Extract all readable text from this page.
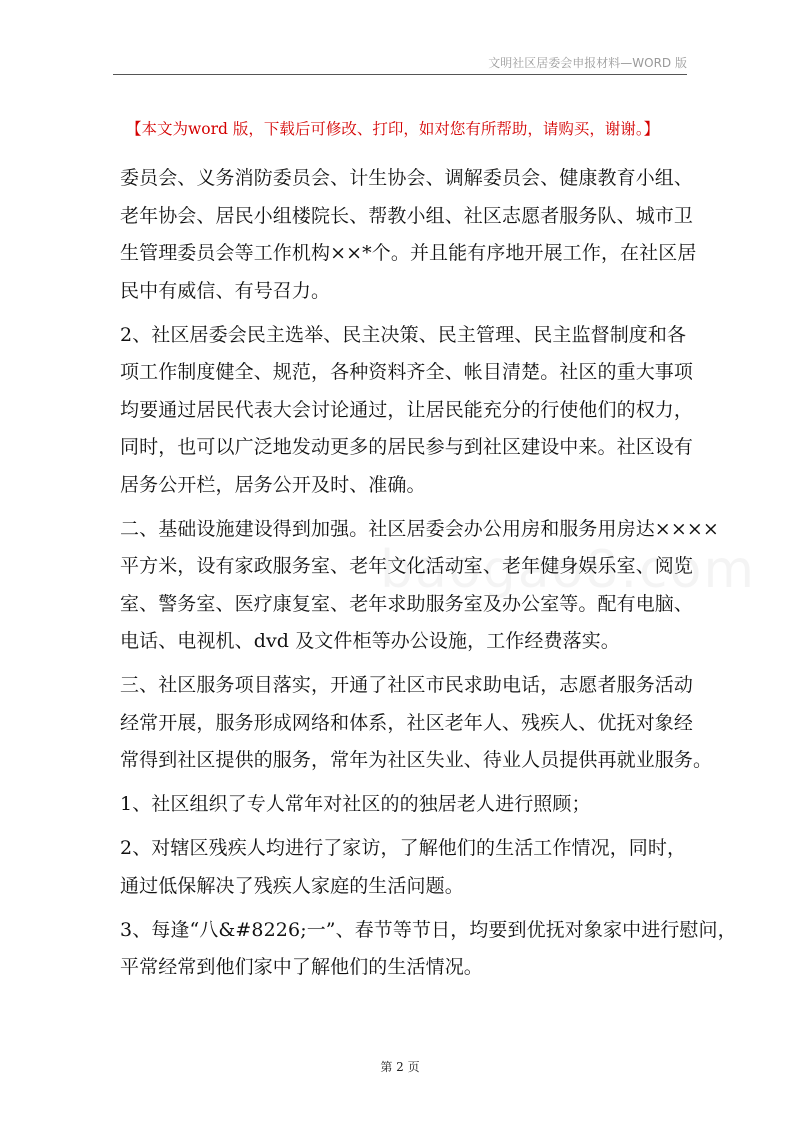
文明社区居委会申报材料—WORD 版
【本文为word 版，下载后可修改、打印，如对您有所帮助，请购买，谢谢。】
委员会、义务消防委员会、计生协会、调解委员会、健康教育小组、
老年协会、居民小组楼院长、帮教小组、社区志愿者服务队、城市卫
生管理委员会等工作机构××*个。并且能有序地开展工作，在社区居
民中有威信、有号召力。
2、社区居委会民主选举、民主决策、民主管理、民主监督制度和各
项工作制度健全、规范，各种资料齐全、帐目清楚。社区的重大事项
均要通过居民代表大会讨论通过，让居民能充分的行使他们的权力，
同时，也可以广泛地发动更多的居民参与到社区建设中来。社区设有
居务公开栏，居务公开及时、准确。
二、基础设施建设得到加强。社区居委会办公用房和服务用房达××××
平方米，设有家政服务室、老年文化活动室、老年健身娱乐室、阅览
室、警务室、医疗康复室、老年求助服务室及办公室等。配有电脑、
电话、电视机、dvd 及文件柜等办公设施，工作经费落实。
三、社区服务项目落实，开通了社区市民求助电话，志愿者服务活动
经常开展，服务形成网络和体系，社区老年人、残疾人、优抚对象经
常得到社区提供的服务，常年为社区失业、待业人员提供再就业服务。
1、社区组织了专人常年对社区的的独居老人进行照顾；
2、对辖区残疾人均进行了家访，了解他们的生活工作情况，同时，
通过低保解决了残疾人家庭的生活问题。
3、每逢“八&#8226;一”、春节等节日，均要到优抚对象家中进行慰问，
平常经常到他们家中了解他们的生活情况。
第 2 页
